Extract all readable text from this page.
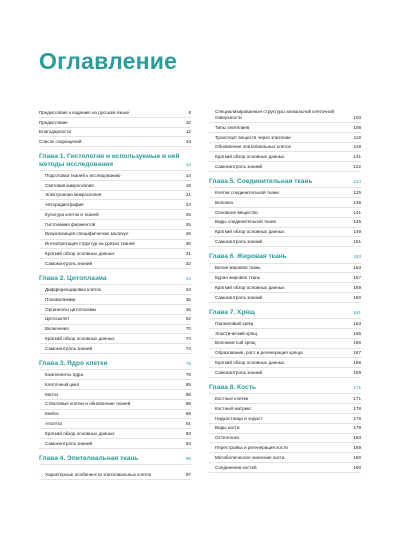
Оглавление
Предисловие к изданию на русском языке	8
Предисловие	10
Благодарности	12
Список сокращений	13
Глава 1. Гистология и используемые в ней методы исследования	14
Подготовка тканей к исследованию	14
Световая микроскопия	18
Электронная микроскопия	21
Авторадиография	24
Культура клеток и тканей	25
Гистохимия ферментов	25
Визуализация специфических молекул	26
Интерпретация структур на срезах тканей	30
Краткий обзор основных данных	31
Самоконтроль знаний	32
Глава 2. Цитоплазма	34
Дифференцировка клеток	34
Плазмолемма	35
Органеллы цитоплазмы	46
Цитоскелет	62
Включения	70
Краткий обзор основных данных	73
Самоконтроль знаний	74
Глава 3. Ядро клетки	76
Компоненты ядра	76
Клеточный цикл	85
Митоз	86
Стволовые клетки и обновление тканей	89
Мейоз	89
Апоптоз	91
Краткий обзор основных данных	93
Самоконтроль знаний	94
Глава 4. Эпителиальная ткань	96
Характерные особенности эпителиальных клеток	97
Специализированные структуры апикальной клеточной поверхности	103
Типы эпителиев	108
Транспорт веществ через эпителии	118
Обновление эпителиальных клеток	119
Краткий обзор основных данных	121
Самоконтроль знаний	122
Глава 5. Соединительная ткань	124
Клетки соединительной ткани	125
Волокна	135
Основное вещество	141
Виды соединительной ткани	145
Краткий обзор основных данных	149
Самоконтроль знаний	151
Глава 6. Жировая ткань	153
Белая жировая ткань	153
Бурая жировая ткань	157
Краткий обзор основных данных	159
Самоконтроль знаний	160
Глава 7. Хрящ	161
Гиалиновый хрящ	163
Эластический хрящ	165
Волокнистый хрящ	166
Образование, рост и регенерация хряща	167
Краткий обзор основных данных	168
Самоконтроль знаний	169
Глава 8. Кость	171
Костные клетки	171
Костный матрикс	178
Надкостница и эндост	178
Виды кости	178
Остеогенез	183
Перестройка и регенерация кости	189
Метаболическое значение кости	190
Соединения костей	190
